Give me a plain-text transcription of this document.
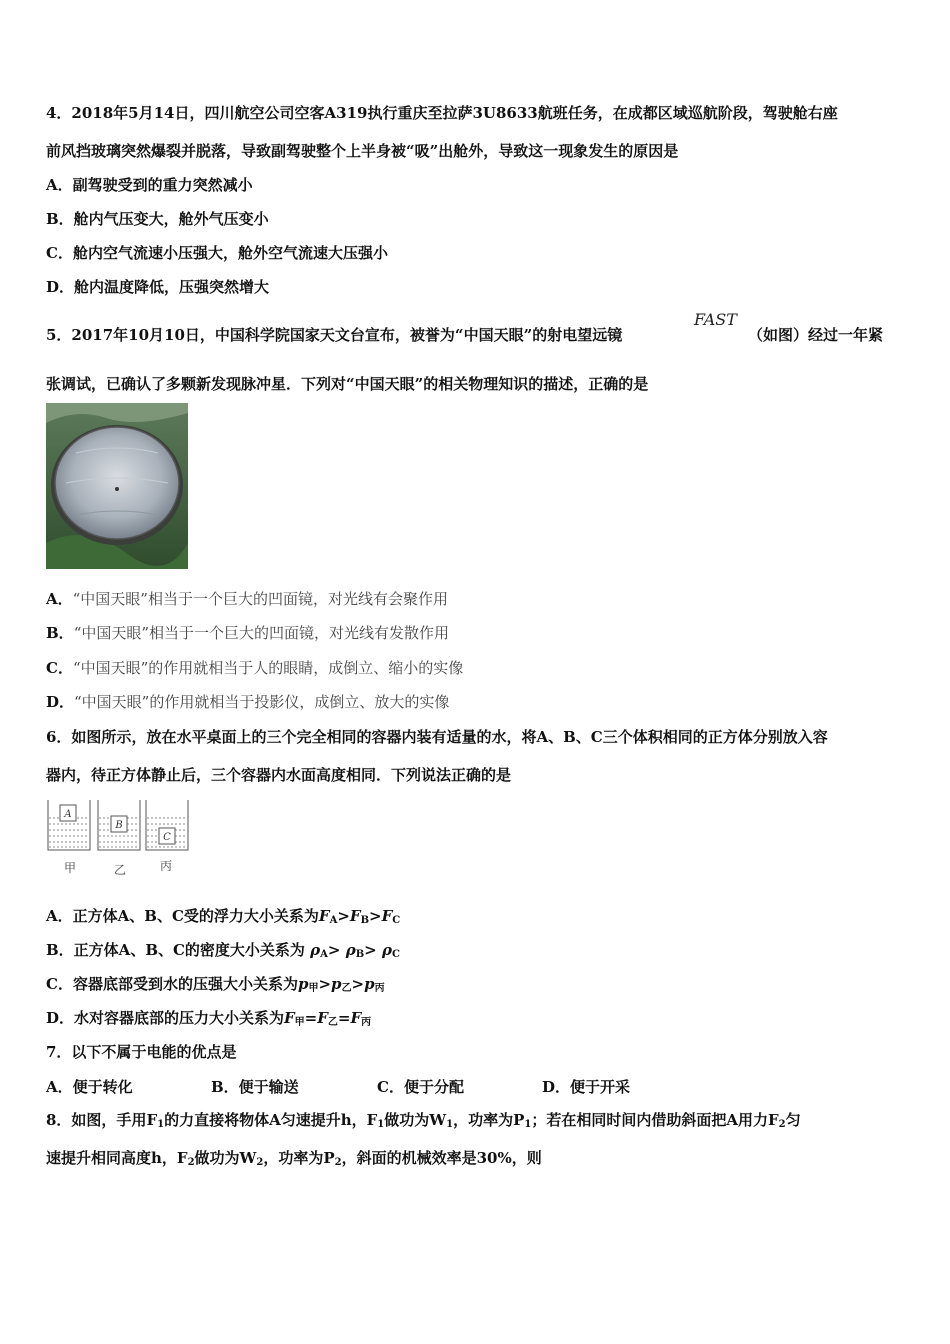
4．2018年5月14日，四川航空公司空客A319执行重庆至拉萨3U8633航班任务，在成都区域巡航阶段，驾驶舱右座
前风挡玻璃突然爆裂并脱落，导致副驾驶整个上半身被“吸”出舱外，导致这一现象发生的原因是
A．副驾驶受到的重力突然减小
B．舱内气压变大，舱外气压变小
C．舱内空气流速小压强大，舱外空气流速大压强小
D．舱内温度降低，压强突然增大
5．2017年10月10日，中国科学院国家天文台宣布，被誉为“中国天眼”的射电望远镜
FAST
（如图）经过一年紧
张调试，已确认了多颗新发现脉冲星．下列对“中国天眼”的相关物理知识的描述，正确的是
A．“中国天眼”相当于一个巨大的凹面镜，对光线有会聚作用
B．“中国天眼”相当于一个巨大的凹面镜，对光线有发散作用
C．“中国天眼”的作用就相当于人的眼睛，成倒立、缩小的实像
D．“中国天眼”的作用就相当于投影仪，成倒立、放大的实像
6．如图所示，放在水平桌面上的三个完全相同的容器内装有适量的水，将A、B、C三个体积相同的正方体分别放入容
器内，待正方体静止后，三个容器内水面高度相同．下列说法正确的是
A
B
C
甲	乙	丙
A．正方体A、B、C受的浮力大小关系为$F_A>F_B>F_C$
B．正方体A、B、C的密度大小关系为 $\rho_A> \rho_B> \rho_C$
C．容器底部受到水的压强大小关系为$p_甲>p_乙>p_丙$
D．水对容器底部的压力大小关系为$F_甲=F_乙=F_丙$
7．以下不属于电能的优点是
A．便于转化	B．便于输送	C．便于分配	D．便于开采
8．如图，手用$F_1$的力直接将物体A匀速提升h，$F_1$做功为$W_1$，功率为$P_1$；若在相同时间内借助斜面把A用力$F_2$匀
速提升相同高度h，$F_2$做功为$W_2$，功率为$P_2$，斜面的机械效率是30%，则
